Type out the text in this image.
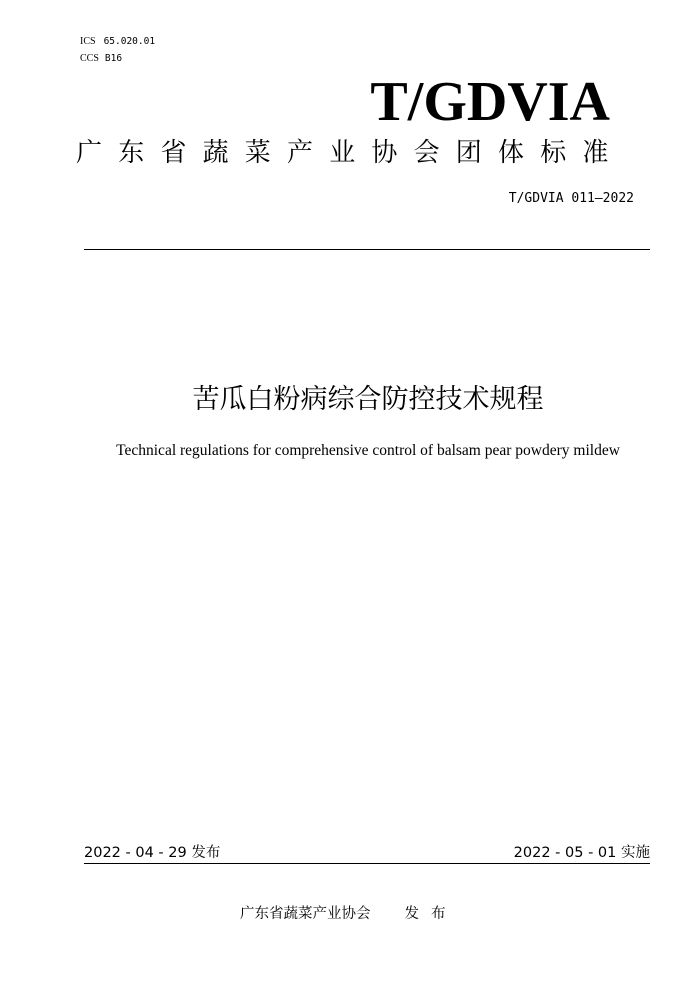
ICS 65.020.01
CCS B16
T/GDVIA
广东省蔬菜产业协会团体标准
T/GDVIA 011—2022
苦瓜白粉病综合防控技术规程
Technical regulations for comprehensive control of balsam pear powdery mildew
2022 - 04 - 29 发布	2022 - 05 - 01 实施
广东省蔬菜产业协会 发布
